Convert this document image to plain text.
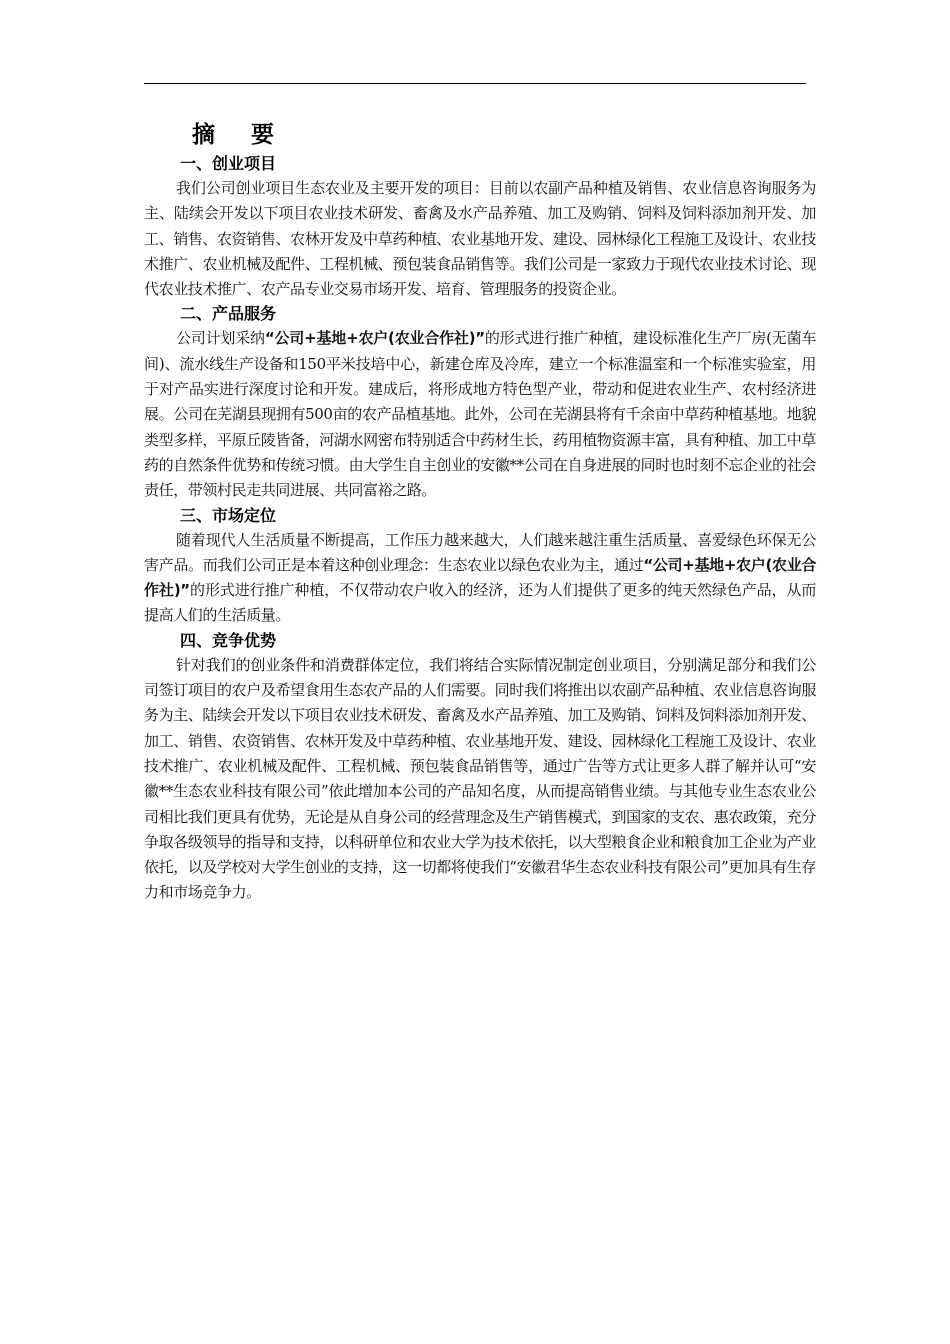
摘 要
一、创业项目

我们公司创业项目生态农业及主要开发的项目：目前以农副产品种植及销售、农业信息咨询服务为主、陆续会开发以下项目农业技术研发、畜禽及水产品养殖、加工及购销、饲料及饲料添加剂开发、加工、销售、农资销售、农林开发及中草药种植、农业基地开发、建设、园林绿化工程施工及设计、农业技术推广、农业机械及配件、工程机械、预包装食品销售等。我们公司是一家致力于现代农业技术讨论、现代农业技术推广、农产品专业交易市场开发、培育、管理服务的投资企业。

二、产品服务

公司计划采纳“公司+基地+农户(农业合作社)”的形式进行推广种植，建设标准化生产厂房(无菌车间)、流水线生产设备和150平米技培中心，新建仓库及冷库，建立一个标准温室和一个标准实验室，用于对产品实进行深度讨论和开发。建成后，将形成地方特色型产业，带动和促进农业生产、农村经济进展。公司在芜湖县现拥有500亩的农产品植基地。此外，公司在芜湖县将有千余亩中草药种植基地。地貌类型多样，平原丘陵皆备，河湖水网密布特别适合中药材生长，药用植物资源丰富，具有种植、加工中草药的自然条件优势和传统习惯。由大学生自主创业的安徽**公司在自身进展的同时也时刻不忘企业的社会责任，带领村民走共同进展、共同富裕之路。

三、市场定位

随着现代人生活质量不断提高，工作压力越来越大，人们越来越注重生活质量、喜爱绿色环保无公害产品。而我们公司正是本着这种创业理念：生态农业以绿色农业为主，通过“公司+基地+农户(农业合作社)”的形式进行推广种植，不仅带动农户收入的经济，还为人们提供了更多的纯天然绿色产品，从而提高人们的生活质量。

四、竞争优势

针对我们的创业条件和消费群体定位，我们将结合实际情况制定创业项目，分别满足部分和我们公司签订项目的农户及希望食用生态农产品的人们需要。同时我们将推出以农副产品种植、农业信息咨询服务为主、陆续会开发以下项目农业技术研发、畜禽及水产品养殖、加工及购销、饲料及饲料添加剂开发、加工、销售、农资销售、农林开发及中草药种植、农业基地开发、建设、园林绿化工程施工及设计、农业技术推广、农业机械及配件、工程机械、预包装食品销售等，通过广告等方式让更多人群了解并认可“安徽**生态农业科技有限公司”依此增加本公司的产品知名度，从而提高销售业绩。与其他专业生态农业公司相比我们更具有优势，无论是从自身公司的经营理念及生产销售模式，到国家的支农、惠农政策，充分争取各级领导的指导和支持，以科研单位和农业大学为技术依托，以大型粮食企业和粮食加工企业为产业依托，以及学校对大学生创业的支持，这一切都将使我们“安徽君华生态农业科技有限公司”更加具有生存力和市场竞争力。
